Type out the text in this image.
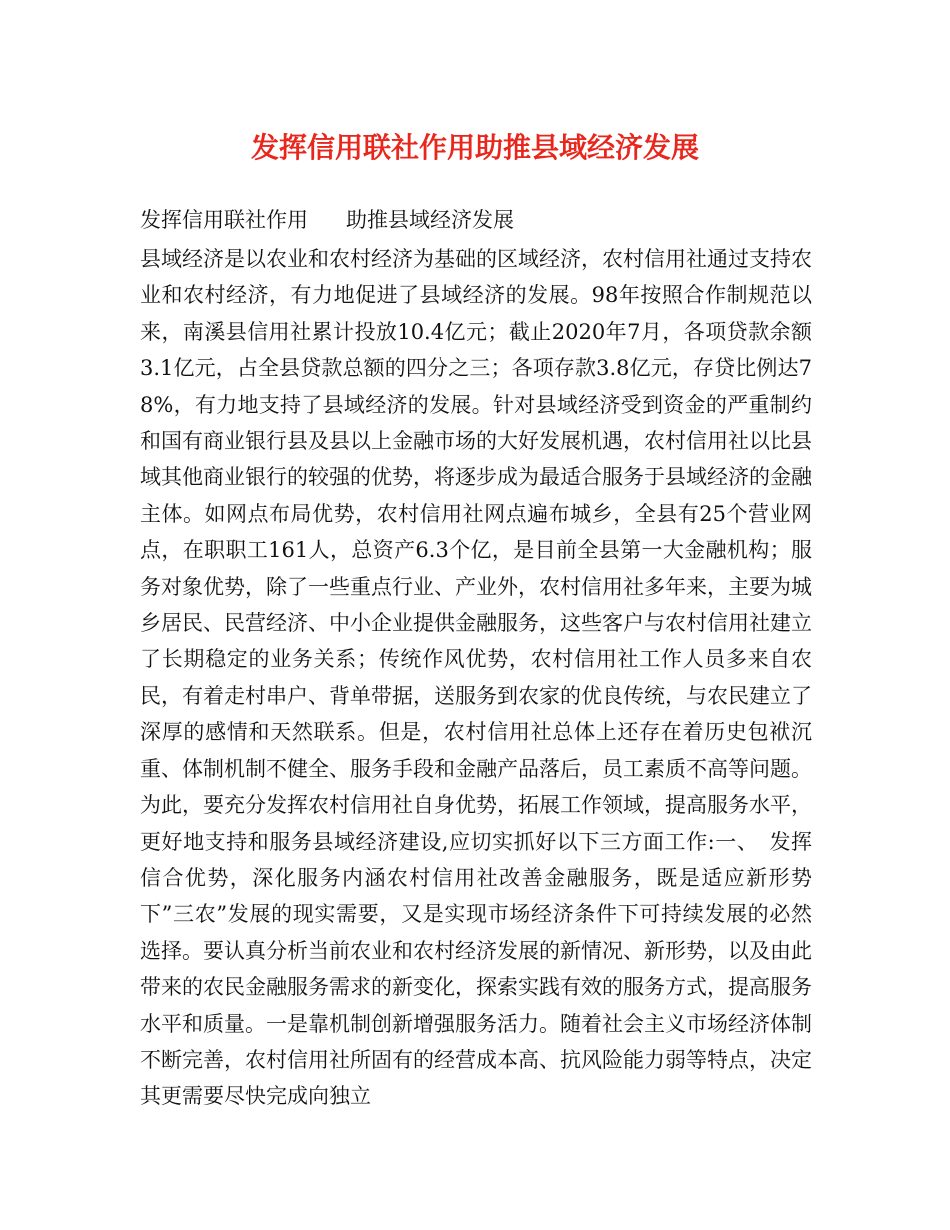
发挥信用联社作用助推县域经济发展

发挥信用联社作用 助推县域经济发展

县域经济是以农业和农村经济为基础的区域经济，农村信用社通过支持农业和农村经济，有力地促进了县域经济的发展。98年按照合作制规范以来，南溪县信用社累计投放10.4亿元；截止2020年7月，各项贷款余额3.1亿元，占全县贷款总额的四分之三；各项存款3.8亿元，存贷比例达78%，有力地支持了县域经济的发展。针对县域经济受到资金的严重制约和国有商业银行县及县以上金融市场的大好发展机遇，农村信用社以比县域其他商业银行的较强的优势，将逐步成为最适合服务于县域经济的金融主体。如网点布局优势，农村信用社网点遍布城乡，全县有25个营业网点，在职职工161人，总资产6.3个亿，是目前全县第一大金融机构；服务对象优势，除了一些重点行业、产业外，农村信用社多年来，主要为城乡居民、民营经济、中小企业提供金融服务，这些客户与农村信用社建立了长期稳定的业务关系；传统作风优势，农村信用社工作人员多来自农民，有着走村串户、背单带据，送服务到农家的优良传统，与农民建立了深厚的感情和天然联系。但是，农村信用社总体上还存在着历史包袱沉重、体制机制不健全、服务手段和金融产品落后，员工素质不高等问题。为此，要充分发挥农村信用社自身优势，拓展工作领域，提高服务水平，更好地支持和服务县域经济建设,应切实抓好以下三方面工作:一、　发挥信合优势，深化服务内涵农村信用社改善金融服务，既是适应新形势下”三农”发展的现实需要，又是实现市场经济条件下可持续发展的必然选择。要认真分析当前农业和农村经济发展的新情况、新形势，以及由此带来的农民金融服务需求的新变化，探索实践有效的服务方式，提高服务水平和质量。一是靠机制创新增强服务活力。随着社会主义市场经济体制不断完善，农村信用社所固有的经营成本高、抗风险能力弱等特点，决定其更需要尽快完成向独立
